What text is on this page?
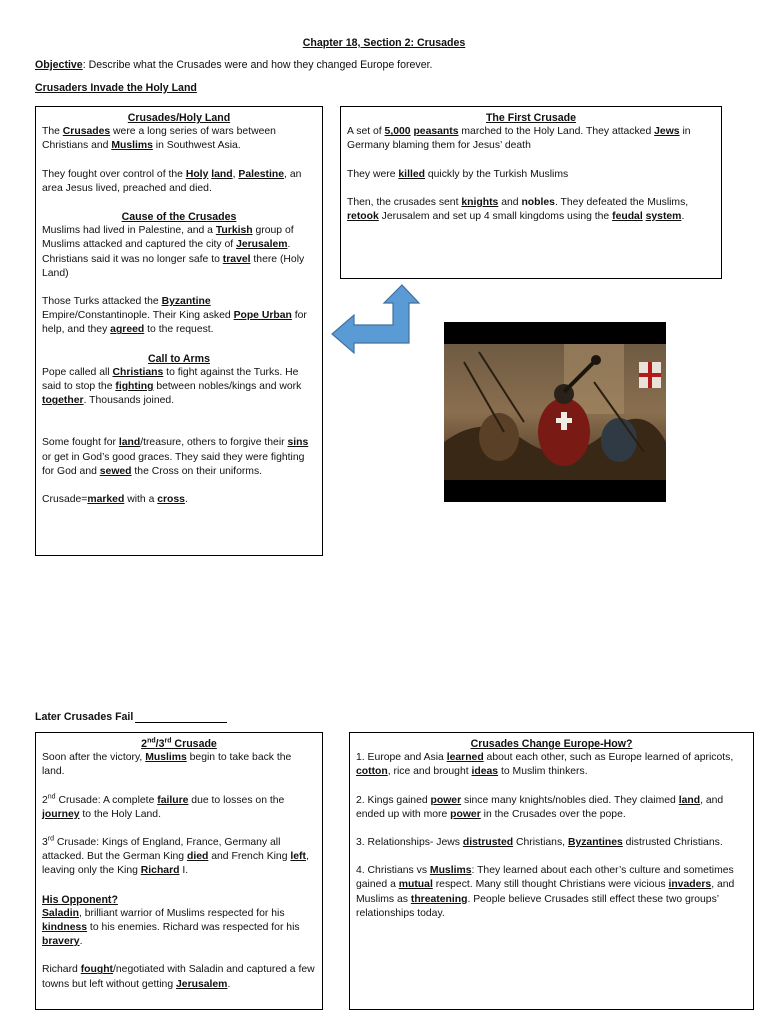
Chapter 18, Section 2: Crusades
Objective: Describe what the Crusades were and how they changed Europe forever.
Crusaders Invade the Holy Land
Crusades/Holy Land

The Crusades were a long series of wars between Christians and Muslims in Southwest Asia.

They fought over control of the Holy land, Palestine, an area Jesus lived, preached and died.

Cause of the Crusades

Muslims had lived in Palestine, and a Turkish group of Muslims attacked and captured the city of Jerusalem. Christians said it was no longer safe to travel there (Holy Land)

Those Turks attacked the Byzantine Empire/Constantinople. Their King asked Pope Urban for help, and they agreed to the request.

Call to Arms

Pope called all Christians to fight against the Turks. He said to stop the fighting between nobles/kings and work together. Thousands joined.

Some fought for land/treasure, others to forgive their sins or get in God’s good graces. They said they were fighting for God and sewed the Cross on their uniforms.

Crusade=marked with a cross.

The First Crusade

A set of 5,000 peasants marched to the Holy Land. They attacked Jews in Germany blaming them for Jesus’ death

They were killed quickly by the Turkish Muslims

Then, the crusades sent knights and nobles. They defeated the Muslims, retook Jerusalem and set up 4 small kingdoms using the feudal system.

Later Crusades Fail
2nd/3rd Crusade

Soon after the victory, Muslims begin to take back the land.

2nd Crusade: A complete failure due to losses on the journey to the Holy Land.

3rd Crusade: Kings of England, France, Germany all attacked. But the German King died and French King left, leaving only the King Richard I.

His Opponent?

Saladin, brilliant warrior of Muslims respected for his kindness to his enemies. Richard was respected for his bravery.

Richard fought/negotiated with Saladin and captured a few towns but left without getting Jerusalem.

Crusades Change Europe-How?

1. Europe and Asia learned about each other, such as Europe learned of apricots, cotton, rice and brought ideas to Muslim thinkers.

2. Kings gained power since many knights/nobles died. They claimed land, and ended up with more power in the Crusades over the pope.

3. Relationships- Jews distrusted Christians, Byzantines distrusted Christians.

4. Christians vs Muslims: They learned about each other’s culture and sometimes gained a mutual respect. Many still thought Christians were vicious invaders, and Muslims as threatening. People believe Crusades still effect these two groups’ relationships today.
